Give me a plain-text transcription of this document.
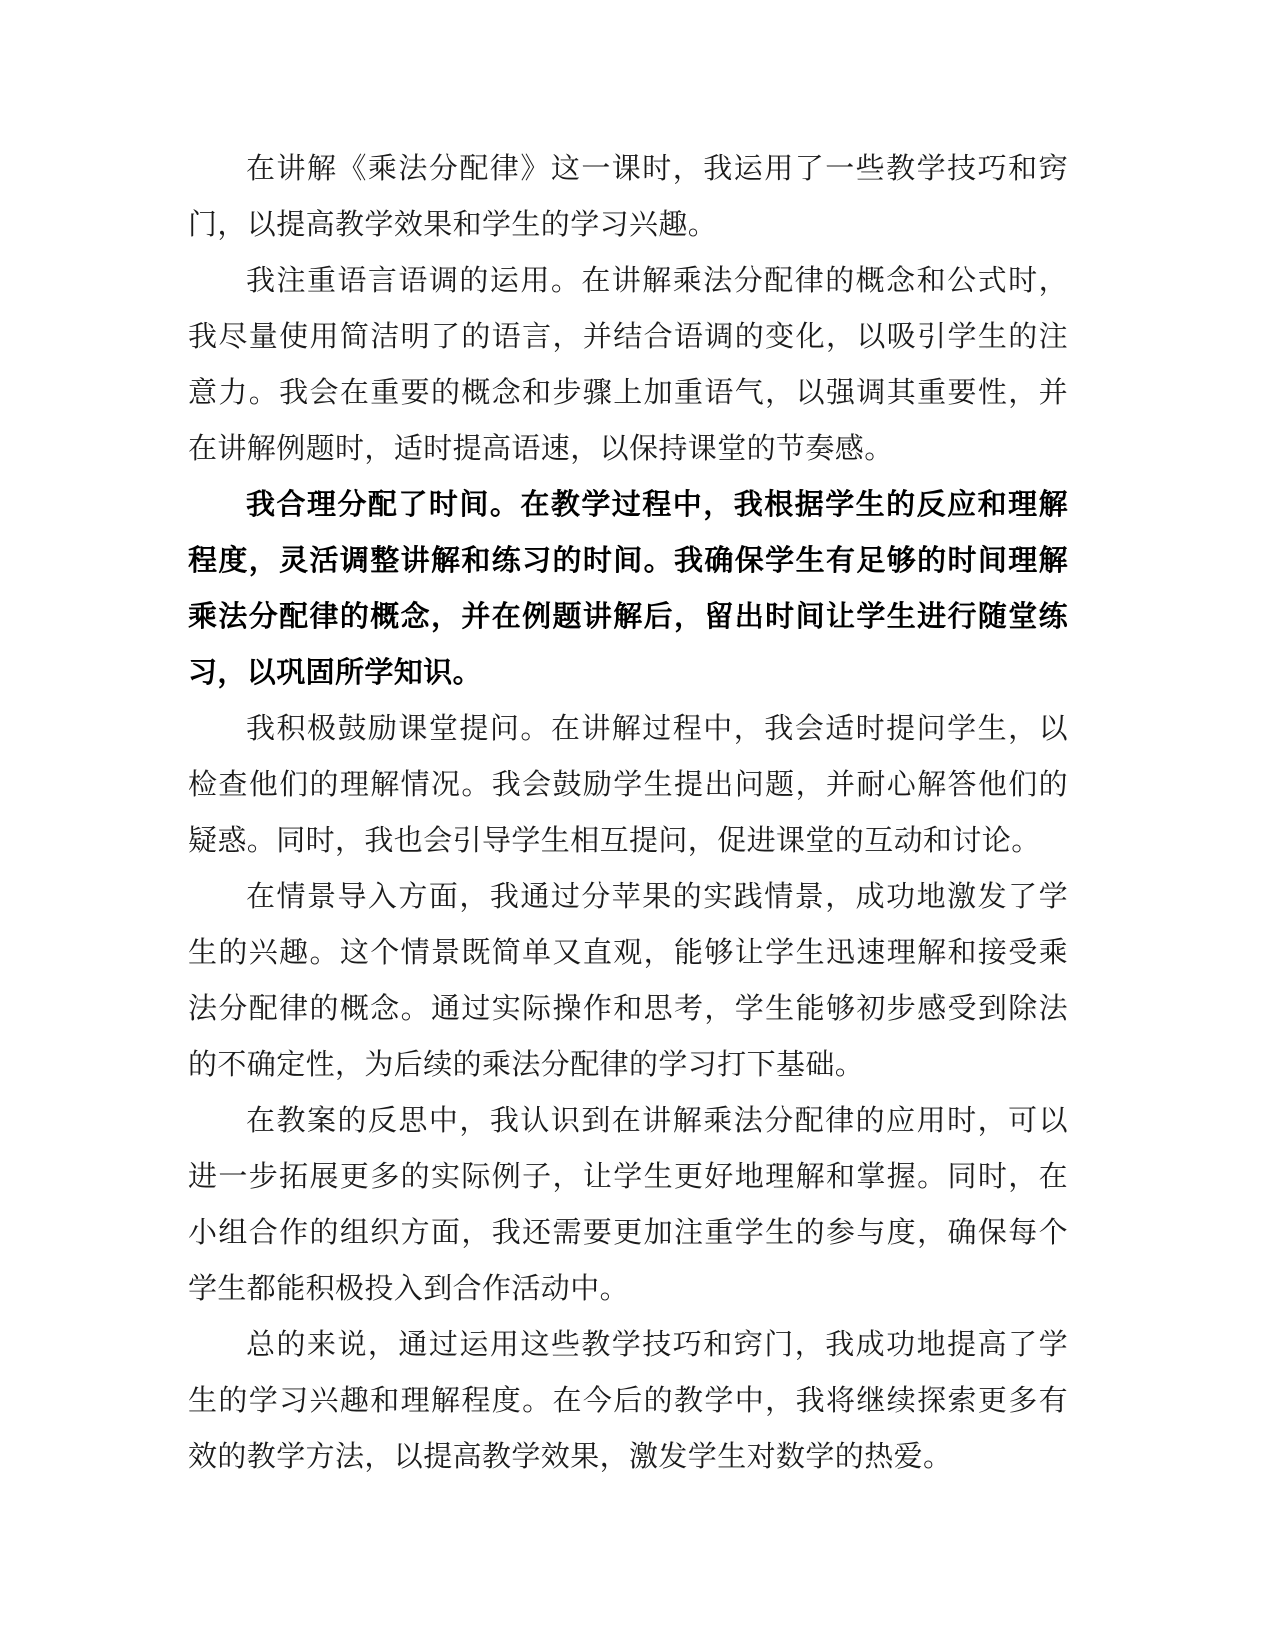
在讲解《乘法分配律》这一课时，我运用了一些教学技巧和窍门，以提高教学效果和学生的学习兴趣。

我注重语言语调的运用。在讲解乘法分配律的概念和公式时，我尽量使用简洁明了的语言，并结合语调的变化，以吸引学生的注意力。我会在重要的概念和步骤上加重语气，以强调其重要性，并在讲解例题时，适时提高语速，以保持课堂的节奏感。

我合理分配了时间。在教学过程中，我根据学生的反应和理解程度，灵活调整讲解和练习的时间。我确保学生有足够的时间理解乘法分配律的概念，并在例题讲解后，留出时间让学生进行随堂练习，以巩固所学知识。

我积极鼓励课堂提问。在讲解过程中，我会适时提问学生，以检查他们的理解情况。我会鼓励学生提出问题，并耐心解答他们的疑惑。同时，我也会引导学生相互提问，促进课堂的互动和讨论。

在情景导入方面，我通过分苹果的实践情景，成功地激发了学生的兴趣。这个情景既简单又直观，能够让学生迅速理解和接受乘法分配律的概念。通过实际操作和思考，学生能够初步感受到除法的不确定性，为后续的乘法分配律的学习打下基础。

在教案的反思中，我认识到在讲解乘法分配律的应用时，可以进一步拓展更多的实际例子，让学生更好地理解和掌握。同时，在小组合作的组织方面，我还需要更加注重学生的参与度，确保每个学生都能积极投入到合作活动中。

总的来说，通过运用这些教学技巧和窍门，我成功地提高了学生的学习兴趣和理解程度。在今后的教学中，我将继续探索更多有效的教学方法，以提高教学效果，激发学生对数学的热爱。
